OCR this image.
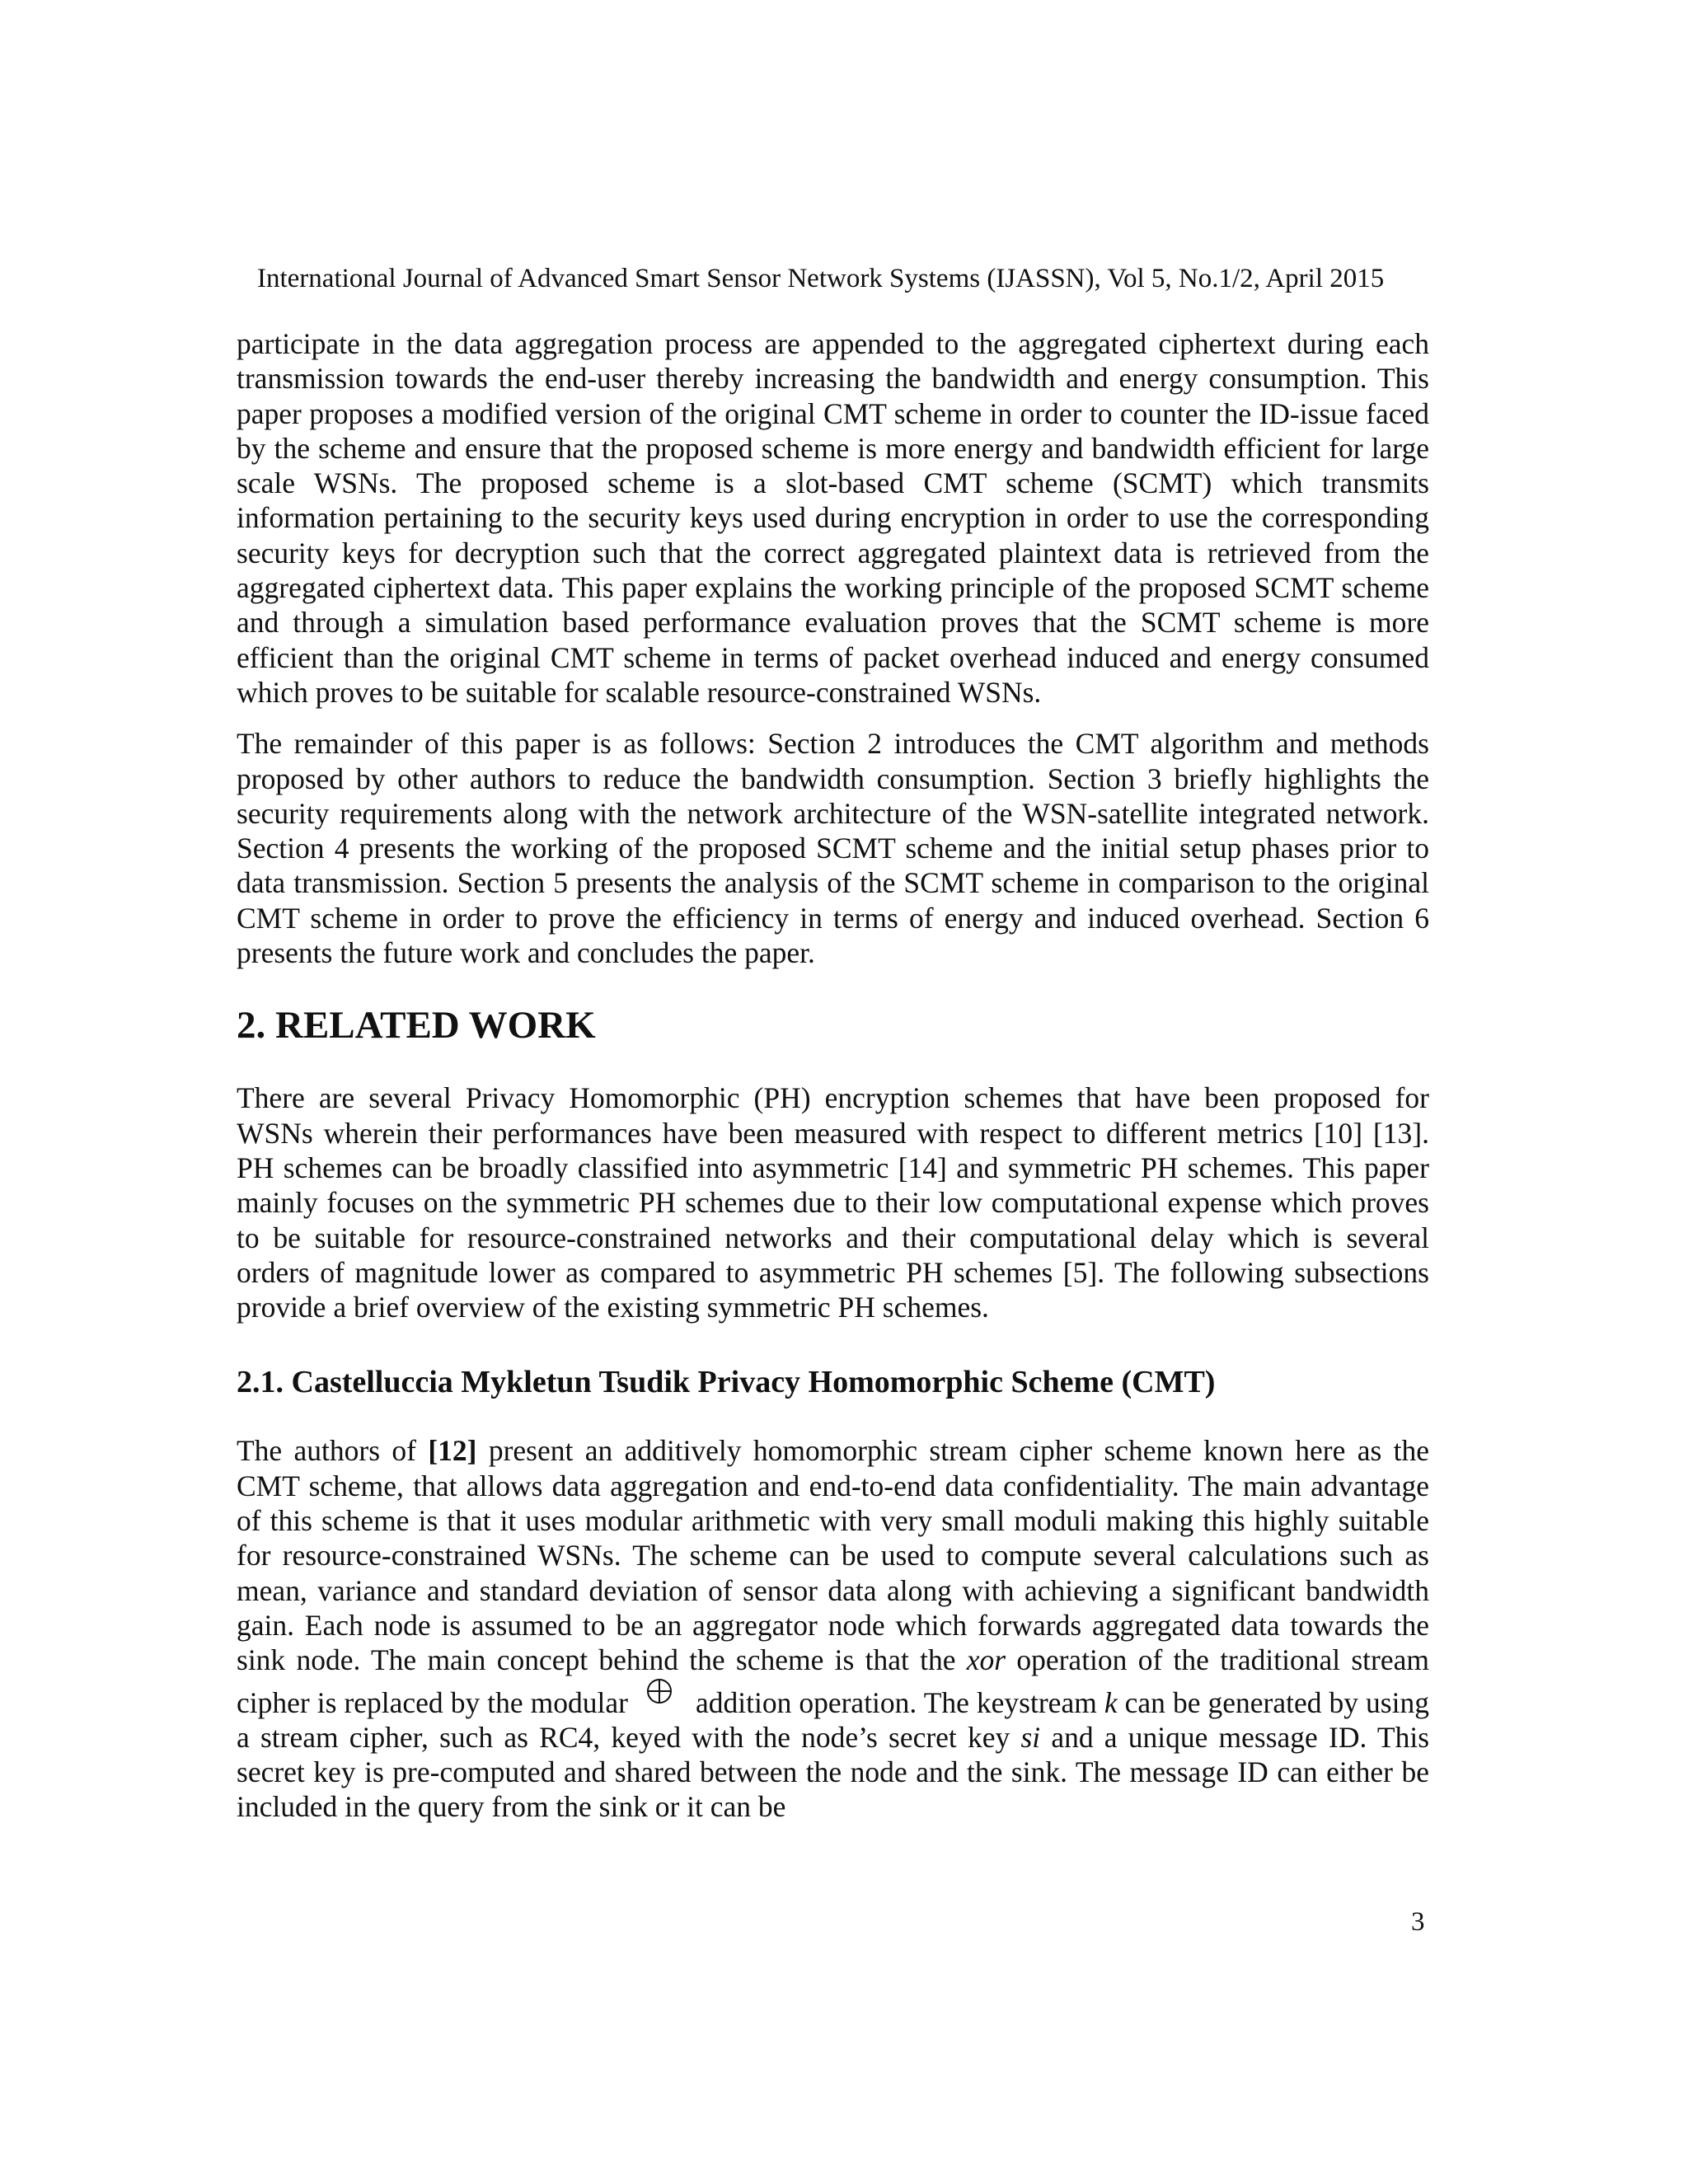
International Journal of Advanced Smart Sensor Network Systems (IJASSN), Vol 5, No.1/2, April 2015

participate in the data aggregation process are appended to the aggregated ciphertext during each transmission towards the end-user thereby increasing the bandwidth and energy consumption. This paper proposes a modified version of the original CMT scheme in order to counter the ID-issue faced by the scheme and ensure that the proposed scheme is more energy and bandwidth efficient for large scale WSNs. The proposed scheme is a slot-based CMT scheme (SCMT) which transmits information pertaining to the security keys used during encryption in order to use the corresponding security keys for decryption such that the correct aggregated plaintext data is retrieved from the aggregated ciphertext data. This paper explains the working principle of the proposed SCMT scheme and through a simulation based performance evaluation proves that the SCMT scheme is more efficient than the original CMT scheme in terms of packet overhead induced and energy consumed which proves to be suitable for scalable resource-constrained WSNs.

The remainder of this paper is as follows: Section 2 introduces the CMT algorithm and methods proposed by other authors to reduce the bandwidth consumption. Section 3 briefly highlights the security requirements along with the network architecture of the WSN-satellite integrated network. Section 4 presents the working of the proposed SCMT scheme and the initial setup phases prior to data transmission. Section 5 presents the analysis of the SCMT scheme in comparison to the original CMT scheme in order to prove the efficiency in terms of energy and induced overhead. Section 6 presents the future work and concludes the paper.

2. RELATED WORK

There are several Privacy Homomorphic (PH) encryption schemes that have been proposed for WSNs wherein their performances have been measured with respect to different metrics [10] [13]. PH schemes can be broadly classified into asymmetric [14] and symmetric PH schemes. This paper mainly focuses on the symmetric PH schemes due to their low computational expense which proves to be suitable for resource-constrained networks and their computational delay which is several orders of magnitude lower as compared to asymmetric PH schemes [5]. The following subsections provide a brief overview of the existing symmetric PH schemes.

2.1. Castelluccia Mykletun Tsudik Privacy Homomorphic Scheme (CMT)

The authors of [12] present an additively homomorphic stream cipher scheme known here as the CMT scheme, that allows data aggregation and end-to-end data confidentiality. The main advantage of this scheme is that it uses modular arithmetic with very small moduli making this highly suitable for resource-constrained WSNs. The scheme can be used to compute several calculations such as mean, variance and standard deviation of sensor data along with achieving a significant bandwidth gain. Each node is assumed to be an aggregator node which forwards aggregated data towards the sink node. The main concept behind the scheme is that the xor operation of the traditional stream cipher is replaced by the modular addition operation. The keystream k can be generated by using a stream cipher, such as RC4, keyed with the node’s secret key si and a unique message ID. This secret key is pre-computed and shared between the node and the sink. The message ID can either be included in the query from the sink or it can be

3
